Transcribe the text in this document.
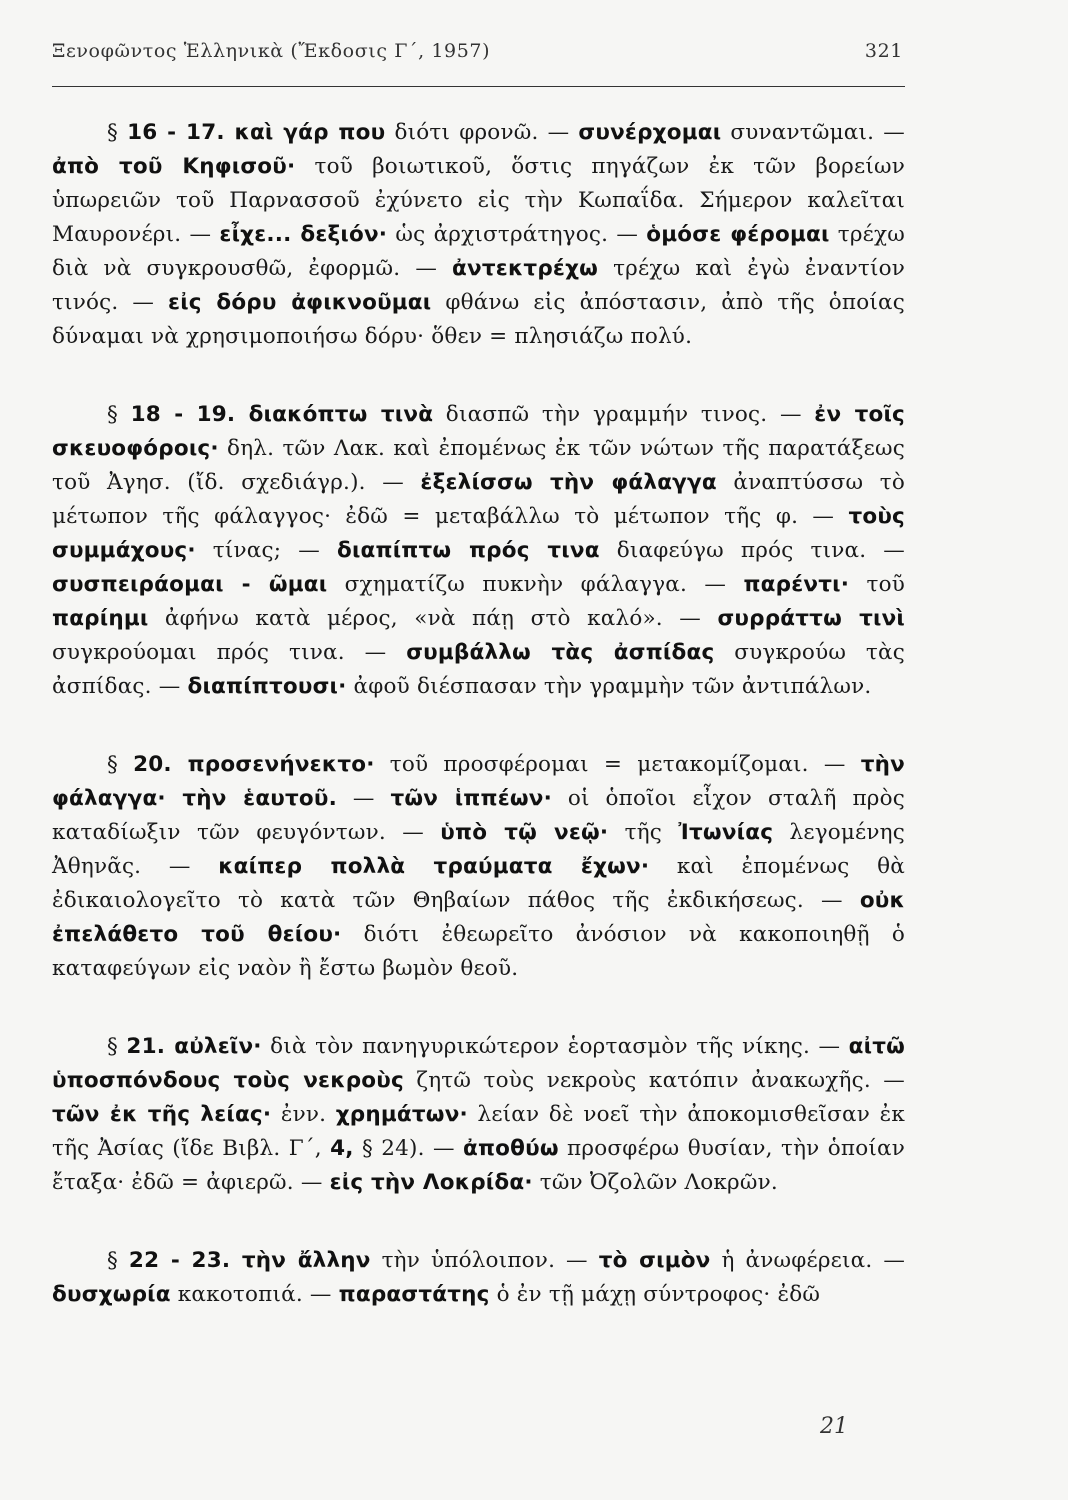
Ξενοφῶντος Ἑλληνικὰ (Ἔκδοσις Γ΄, 1957)	321

§ 16 - 17. καὶ γάρ που διότι φρονῶ. — συνέρχομαι συναντῶμαι. — ἀπὸ τοῦ Κηφισοῦ· τοῦ βοιωτικοῦ, ὅστις πηγάζων ἐκ τῶν βορείων ὑπωρειῶν τοῦ Παρνασσοῦ ἐχύνετο εἰς τὴν Κωπαΐδα. Σήμερον καλεῖται Μαυρονέρι. — εἶχε... δεξιόν· ὡς ἀρχιστράτηγος. — ὁμόσε φέρομαι τρέχω διὰ νὰ συγκρουσθῶ, ἐφορμῶ. — ἀντεκτρέχω τρέχω καὶ ἐγὼ ἐναντίον τινός. — εἰς δόρυ ἀφικνοῦμαι φθάνω εἰς ἀπόστασιν, ἀπὸ τῆς ὁποίας δύναμαι νὰ χρησιμοποιήσω δόρυ· ὅθεν = πλησιάζω πολύ.

§ 18 - 19. διακόπτω τινὰ διασπῶ τὴν γραμμήν τινος. — ἐν τοῖς σκευοφόροις· δηλ. τῶν Λακ. καὶ ἐπομένως ἐκ τῶν νώτων τῆς παρατάξεως τοῦ Ἀγησ. (ἴδ. σχεδιάγρ.). — ἐξελίσσω τὴν φάλαγγα ἀναπτύσσω τὸ μέτωπον τῆς φάλαγγος· ἐδῶ = μεταβάλλω τὸ μέτωπον τῆς φ. — τοὺς συμμάχους· τίνας; — διαπίπτω πρός τινα διαφεύγω πρός τινα. — συσπειράομαι - ῶμαι σχηματίζω πυκνὴν φάλαγγα. — παρέντι· τοῦ παρίημι ἀφήνω κατὰ μέρος, «νὰ πάῃ στὸ καλό». — συρράττω τινὶ συγκρούομαι πρός τινα. — συμβάλλω τὰς ἀσπίδας συγκρούω τὰς ἀσπίδας. — διαπίπτουσι· ἀφοῦ διέσπασαν τὴν γραμμὴν τῶν ἀντιπάλων.

§ 20. προσενήνεκτο· τοῦ προσφέρομαι = μετακομίζομαι. — τὴν φάλαγγα· τὴν ἑαυτοῦ. — τῶν ἱππέων· οἱ ὁποῖοι εἶχον σταλῆ πρὸς καταδίωξιν τῶν φευγόντων. — ὑπὸ τῷ νεῷ· τῆς Ἰτωνίας λεγομένης Ἀθηνᾶς. — καίπερ πολλὰ τραύματα ἔχων· καὶ ἐπομένως θὰ ἐδικαιολογεῖτο τὸ κατὰ τῶν Θηβαίων πάθος τῆς ἐκδικήσεως. — οὐκ ἐπελάθετο τοῦ θείου· διότι ἐθεωρεῖτο ἀνόσιον νὰ κακοποιηθῇ ὁ καταφεύγων εἰς ναὸν ἢ ἔστω βωμὸν θεοῦ.

§ 21. αὐλεῖν· διὰ τὸν πανηγυρικώτερον ἑορτασμὸν τῆς νίκης. — αἰτῶ ὑποσπόνδους τοὺς νεκροὺς ζητῶ τοὺς νεκροὺς κατόπιν ἀνακωχῆς. — τῶν ἐκ τῆς λείας· ἐνν. χρημάτων· λείαν δὲ νοεῖ τὴν ἀποκομισθεῖσαν ἐκ τῆς Ἀσίας (ἴδε Βιβλ. Γ΄, 4, § 24). — ἀποθύω προσφέρω θυσίαν, τὴν ὁποίαν ἔταξα· ἐδῶ = ἀφιερῶ. — εἰς τὴν Λοκρίδα· τῶν Ὀζολῶν Λοκρῶν.

§ 22 - 23. τὴν ἄλλην τὴν ὑπόλοιπον. — τὸ σιμὸν ἡ ἀνωφέρεια. — δυσχωρία κακοτοπιά. — παραστάτης ὁ ἐν τῇ μάχῃ σύντροφος· ἐδῶ

21
